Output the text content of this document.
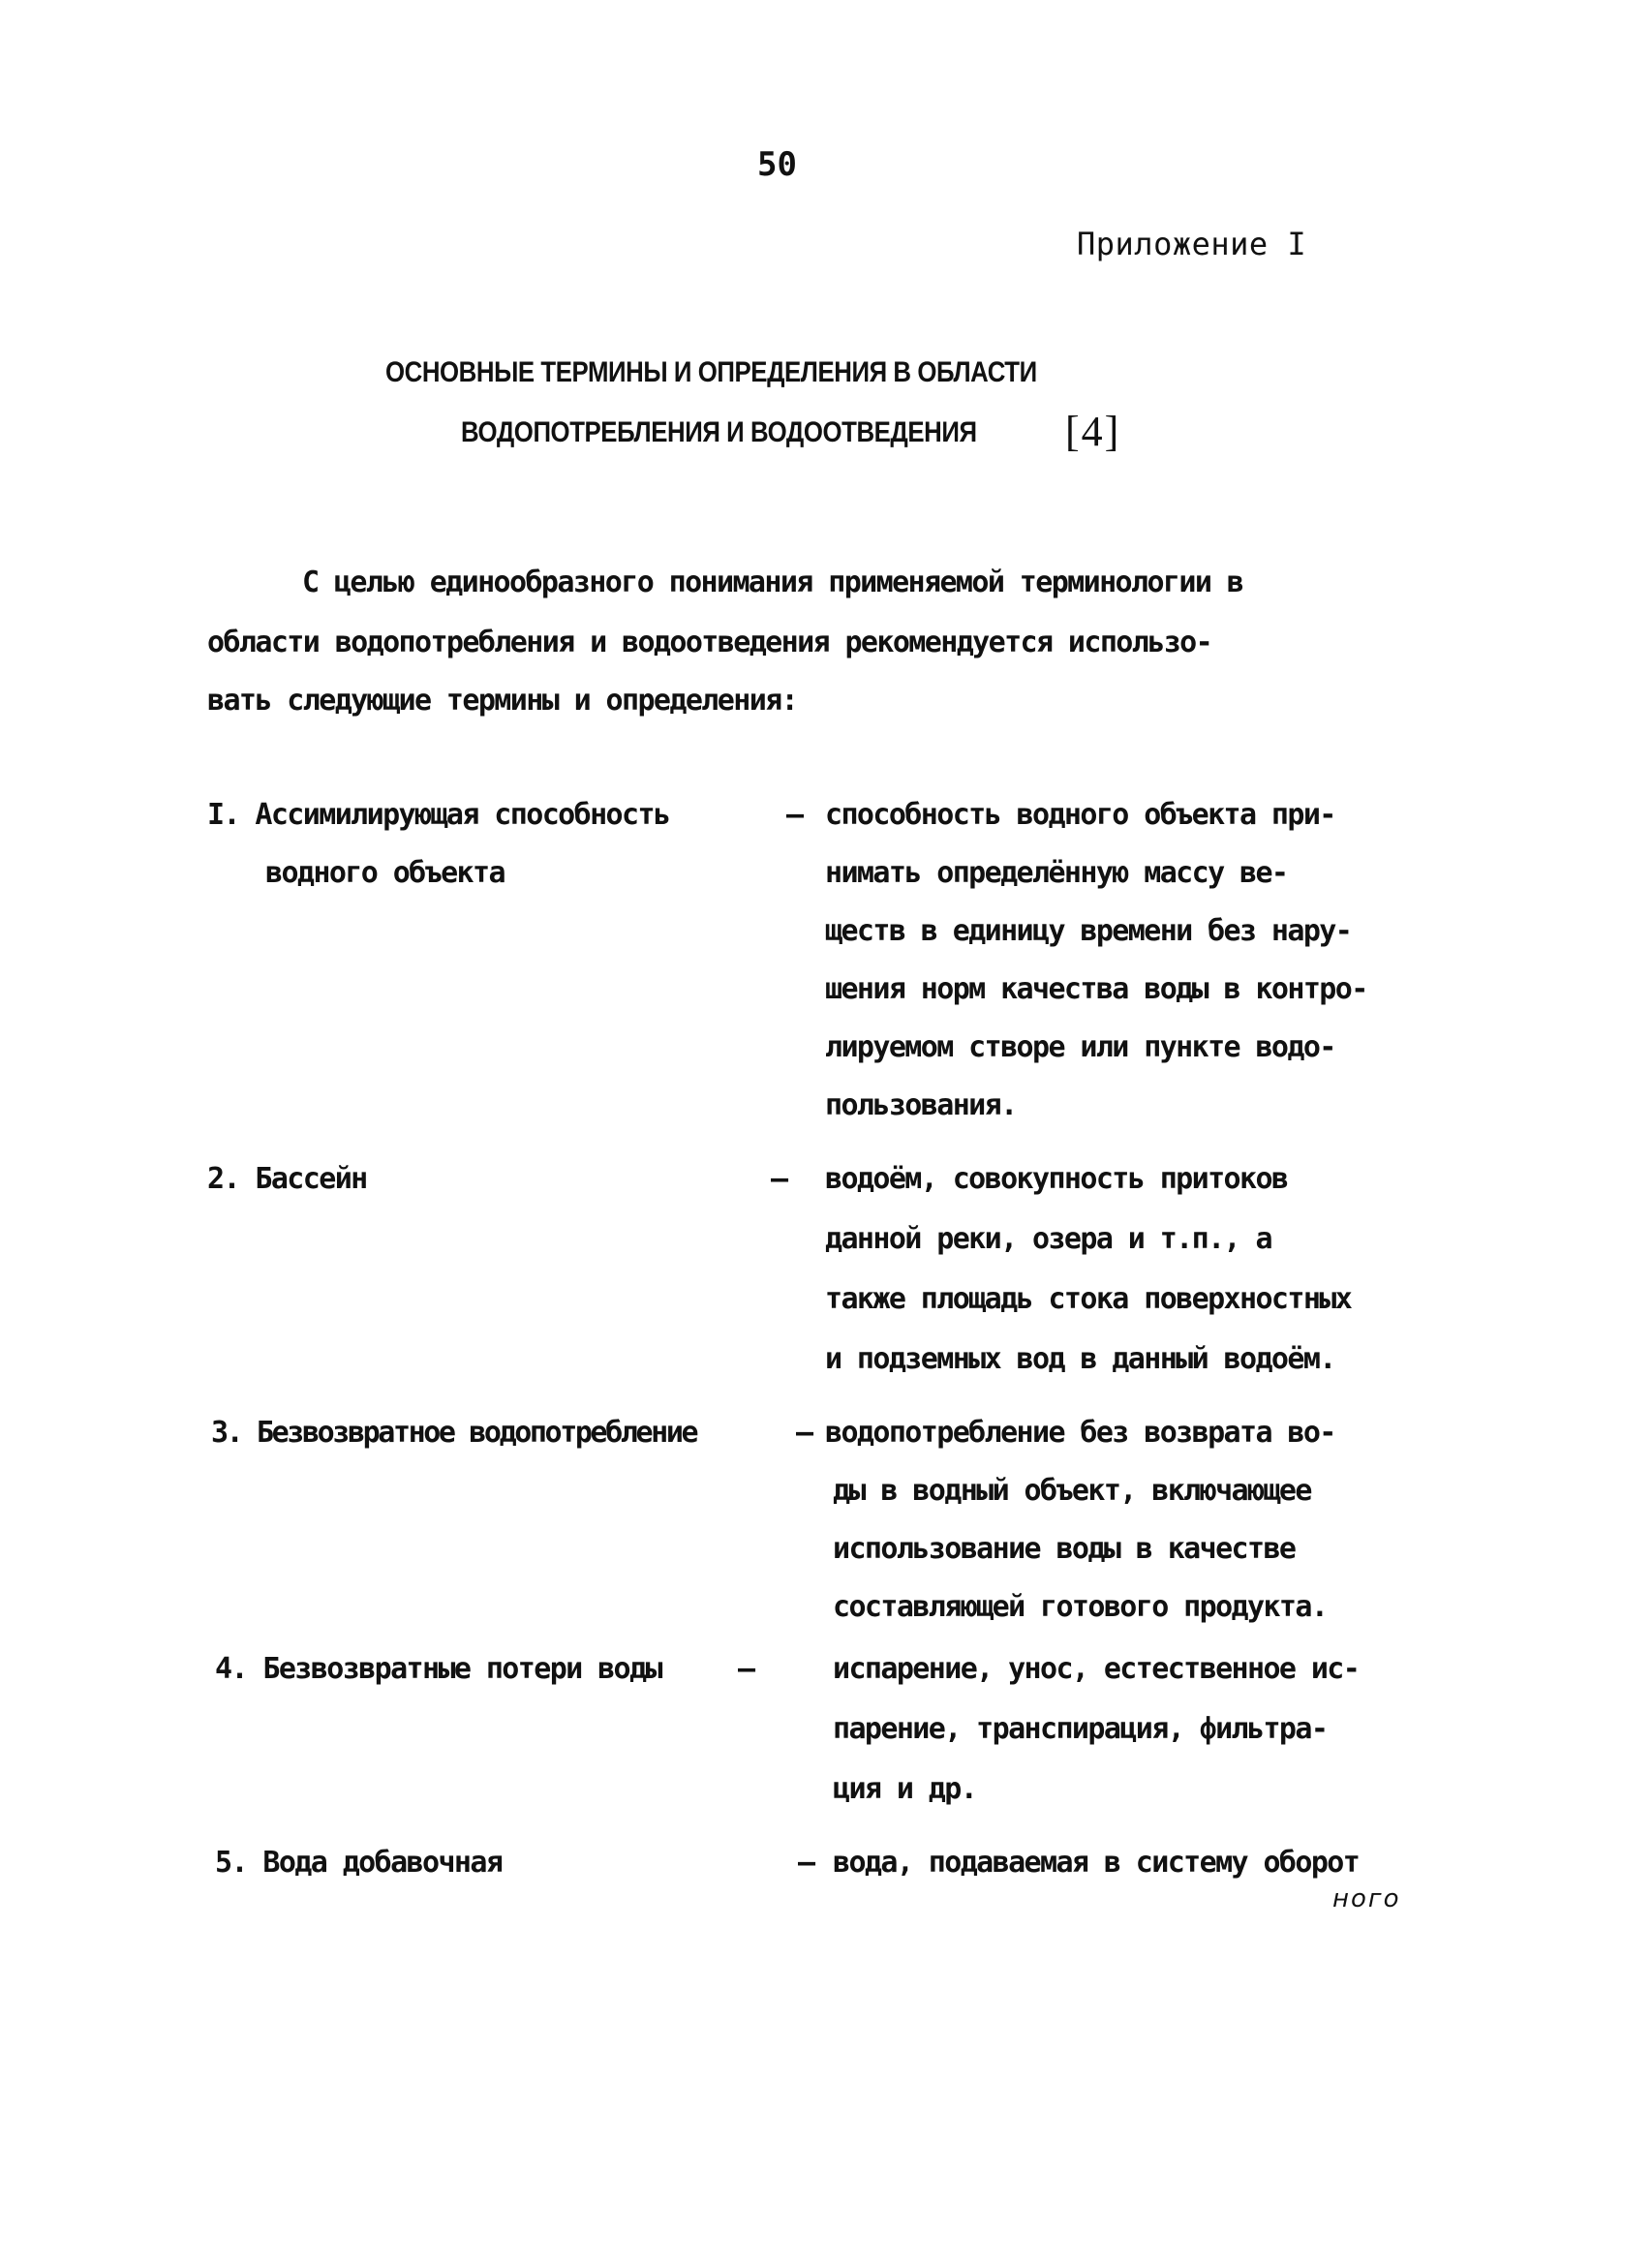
50
Приложение I
ОСНОВНЫЕ ТЕРМИНЫ И ОПРЕДЕЛЕНИЯ В ОБЛАСТИ
ВОДОПОТРЕБЛЕНИЯ И ВОДООТВЕДЕНИЯ [4]
С целью единообразного понимания применяемой терминологии в
области водопотребления и водоотведения рекомендуется использо-
вать следующие термины и определения:
I. Ассимилирующая способность
водного объекта
– способность водного объекта при-
нимать определённую массу ве-
ществ в единицу времени без нару-
шения норм качества воды в контро-
лируемом створе или пункте водо-
пользования.
2. Бассейн	– водоём, совокупность притоков
данной реки, озера и т.п., а
также площадь стока поверхностных
и подземных вод в данный водоём.
3. Безвозвратное водопотребление	– водопотребление без возврата во-
ды в водный объект, включающее
использование воды в качестве
составляющей готового продукта.
4. Безвозвратные потери воды	–	испарение, унос, естественное ис-
парение, транспирация, фильтра-
ция и др.
5. Вода добавочная	– вода, подаваемая в систему оборот
ного
